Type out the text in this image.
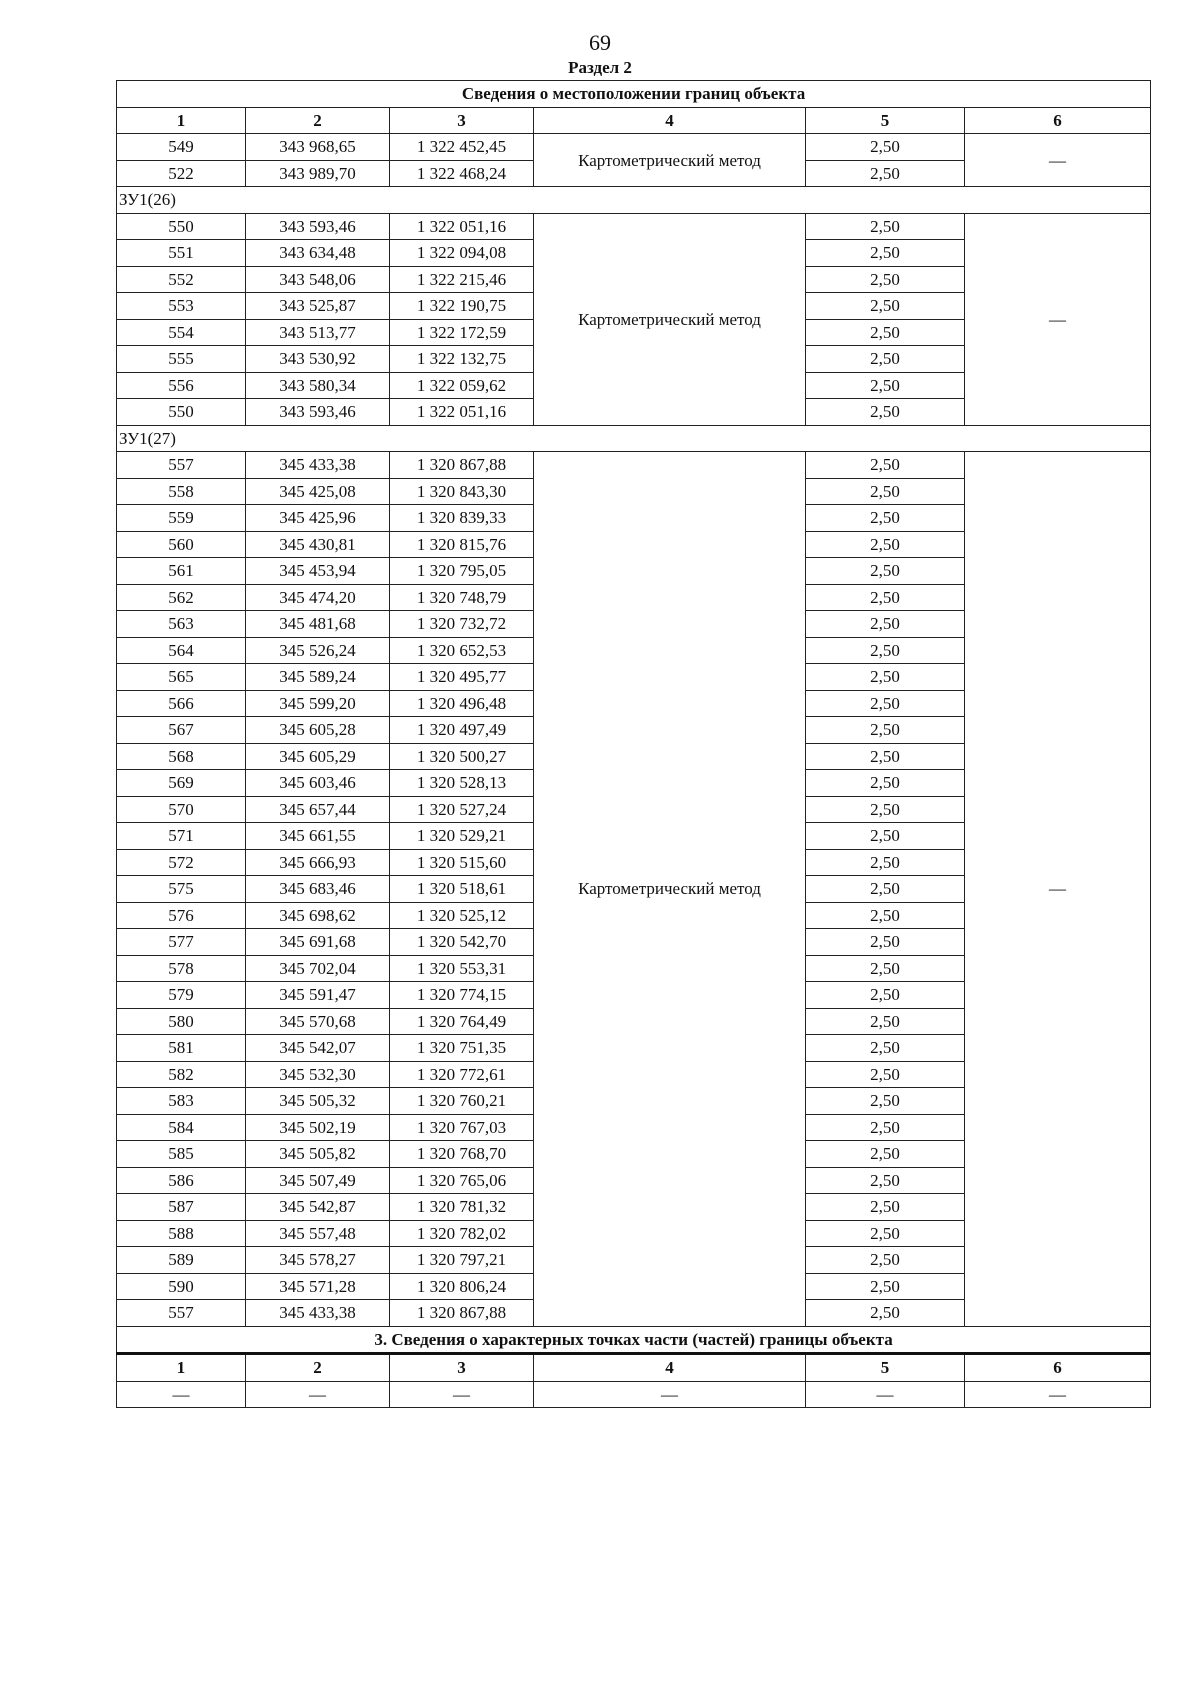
69
Раздел 2
Сведения о местоположении границ объекта					
1	2	3	4	5	6
549	343 968,65	1 322 452,45	Картометрический метод	2,50	—
522	343 989,70	1 322 468,24		2,50	
ЗУ1(26)					
550	343 593,46	1 322 051,16	Картометрический метод	2,50	—
551	343 634,48	1 322 094,08		2,50	
552	343 548,06	1 322 215,46		2,50	
553	343 525,87	1 322 190,75		2,50	
554	343 513,77	1 322 172,59		2,50	
555	343 530,92	1 322 132,75		2,50	
556	343 580,34	1 322 059,62		2,50	
550	343 593,46	1 322 051,16		2,50	
ЗУ1(27)					
557	345 433,38	1 320 867,88	Картометрический метод	2,50	—
558	345 425,08	1 320 843,30		2,50	
559	345 425,96	1 320 839,33		2,50	
560	345 430,81	1 320 815,76		2,50	
561	345 453,94	1 320 795,05		2,50	
562	345 474,20	1 320 748,79		2,50	
563	345 481,68	1 320 732,72		2,50	
564	345 526,24	1 320 652,53		2,50	
565	345 589,24	1 320 495,77		2,50	
566	345 599,20	1 320 496,48		2,50	
567	345 605,28	1 320 497,49		2,50	
568	345 605,29	1 320 500,27		2,50	
569	345 603,46	1 320 528,13		2,50	
570	345 657,44	1 320 527,24		2,50	
571	345 661,55	1 320 529,21		2,50	
572	345 666,93	1 320 515,60		2,50	
575	345 683,46	1 320 518,61		2,50	
576	345 698,62	1 320 525,12		2,50	
577	345 691,68	1 320 542,70		2,50	
578	345 702,04	1 320 553,31		2,50	
579	345 591,47	1 320 774,15		2,50	
580	345 570,68	1 320 764,49		2,50	
581	345 542,07	1 320 751,35		2,50	
582	345 532,30	1 320 772,61		2,50	
583	345 505,32	1 320 760,21		2,50	
584	345 502,19	1 320 767,03		2,50	
585	345 505,82	1 320 768,70		2,50	
586	345 507,49	1 320 765,06		2,50	
587	345 542,87	1 320 781,32		2,50	
588	345 557,48	1 320 782,02		2,50	
589	345 578,27	1 320 797,21		2,50	
590	345 571,28	1 320 806,24		2,50	
557	345 433,38	1 320 867,88		2,50	
3. Сведения о характерных точках части (частей) границы объекта					
1	2	3	4	5	6
—	—	—	—	—	—
